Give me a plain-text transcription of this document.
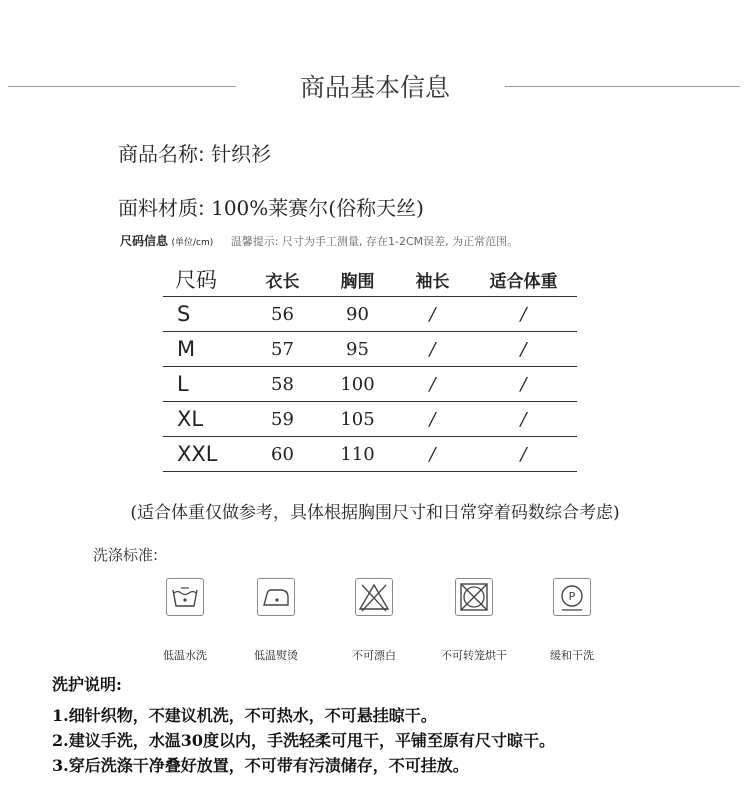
商品基本信息
商品名称: 针织衫
面料材质: 100%莱赛尔(俗称天丝)
尺码信息 (单位/cm) 温馨提示: 尺寸为手工测量, 存在1-2CM误差, 为正常范围。
尺码	衣长	胸围	袖长	适合体重
S	56	90	/	/
M	57	95	/	/
L	58	100	/	/
XL	59	105	/	/
XXL	60	110	/	/
(适合体重仅做参考，具体根据胸围尺寸和日常穿着码数综合考虑)
洗涤标准:
P
低温水洗	低温熨烫	不可漂白	不可转笼烘干	缓和干洗
洗护说明:
1.细针织物，不建议机洗，不可热水，不可悬挂晾干。
2.建议手洗，水温30度以内，手洗轻柔可甩干，平铺至原有尺寸晾干。
3.穿后洗涤干净叠好放置，不可带有污渍储存，不可挂放。
